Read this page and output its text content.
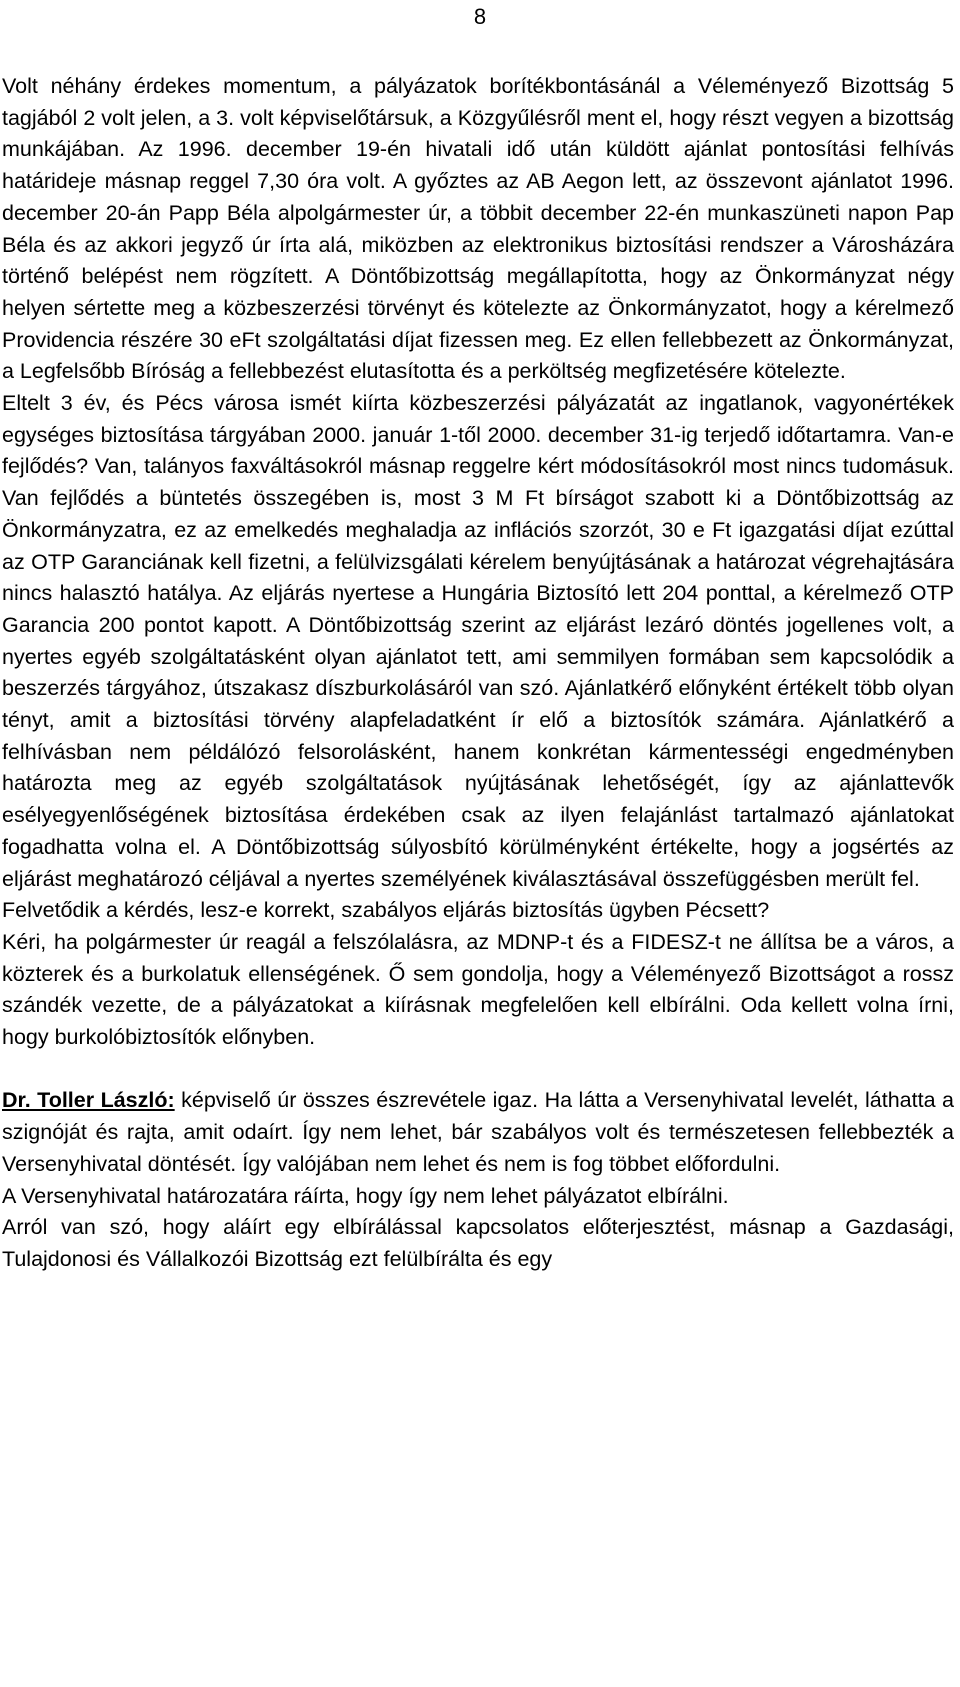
8

Volt néhány érdekes momentum, a pályázatok borítékbontásánál a Véleményező Bizottság 5 tagjából 2 volt jelen, a 3. volt képviselőtársuk, a Közgyűlésről ment el, hogy részt vegyen a bizottság munkájában. Az 1996. december 19-én hivatali idő után küldött ajánlat pontosítási felhívás határideje másnap reggel 7,30 óra volt. A győztes az AB Aegon lett, az összevont ajánlatot 1996. december 20-án Papp Béla alpolgármester úr, a többit december 22-én munkaszüneti napon Pap Béla és az akkori jegyző úr írta alá, miközben az elektronikus biztosítási rendszer a Városházára történő belépést nem rögzített. A Döntőbizottság megállapította, hogy az Önkormányzat négy helyen sértette meg a közbeszerzési törvényt és kötelezte az Önkormányzatot, hogy a kérelmező Providencia részére 30 eFt szolgáltatási díjat fizessen meg. Ez ellen fellebbezett az Önkormányzat, a Legfelsőbb Bíróság a fellebbezést elutasította és a perköltség megfizetésére kötelezte.

Eltelt 3 év, és Pécs városa ismét kiírta közbeszerzési pályázatát az ingatlanok, vagyonértékek egységes biztosítása tárgyában 2000. január 1-től 2000. december 31-ig terjedő időtartamra. Van-e fejlődés? Van, talányos faxváltásokról másnap reggelre kért módosításokról most nincs tudomásuk. Van fejlődés a büntetés összegében is, most 3 M Ft bírságot szabott ki a Döntőbizottság az Önkormányzatra, ez az emelkedés meghaladja az inflációs szorzót, 30 e Ft igazgatási díjat ezúttal az OTP Garanciának kell fizetni, a felülvizsgálati kérelem benyújtásának a határozat végrehajtására nincs halasztó hatálya. Az eljárás nyertese a Hungária Biztosító lett 204 ponttal, a kérelmező OTP Garancia 200 pontot kapott. A Döntőbizottság szerint az eljárást lezáró döntés jogellenes volt, a nyertes egyéb szolgáltatásként olyan ajánlatot tett, ami semmilyen formában sem kapcsolódik a beszerzés tárgyához, útszakasz díszburkolásáról van szó. Ajánlatkérő előnyként értékelt több olyan tényt, amit a biztosítási törvény alapfeladatként ír elő a biztosítók számára. Ajánlatkérő a felhívásban nem példálózó felsorolásként, hanem konkrétan kármentességi engedményben határozta meg az egyéb szolgáltatások nyújtásának lehetőségét, így az ajánlattevők esélyegyenlőségének biztosítása érdekében csak az ilyen felajánlást tartalmazó ajánlatokat fogadhatta volna el. A Döntőbizottság súlyosbító körülményként értékelte, hogy a jogsértés az eljárást meghatározó céljával a nyertes személyének kiválasztásával összefüggésben merült fel.

Felvetődik a kérdés, lesz-e korrekt, szabályos eljárás biztosítás ügyben Pécsett?

Kéri, ha polgármester úr reagál a felszólalásra, az MDNP-t és a FIDESZ-t ne állítsa be a város, a közterek és a burkolatuk ellenségének. Ő sem gondolja, hogy a Véleményező Bizottságot a rossz szándék vezette, de a pályázatokat a kiírásnak megfelelően kell elbírálni. Oda kellett volna írni, hogy burkolóbiztosítók előnyben.

Dr. Toller László: képviselő úr összes észrevétele igaz. Ha látta a Versenyhivatal levelét, láthatta a szignóját és rajta, amit odaírt. Így nem lehet, bár szabályos volt és természetesen fellebbezték a Versenyhivatal döntését. Így valójában nem lehet és nem is fog többet előfordulni.

A Versenyhivatal határozatára ráírta, hogy így nem lehet pályázatot elbírálni.

Arról van szó, hogy aláírt egy elbírálással kapcsolatos előterjesztést, másnap a Gazdasági, Tulajdonosi és Vállalkozói Bizottság ezt felülbírálta és egy
